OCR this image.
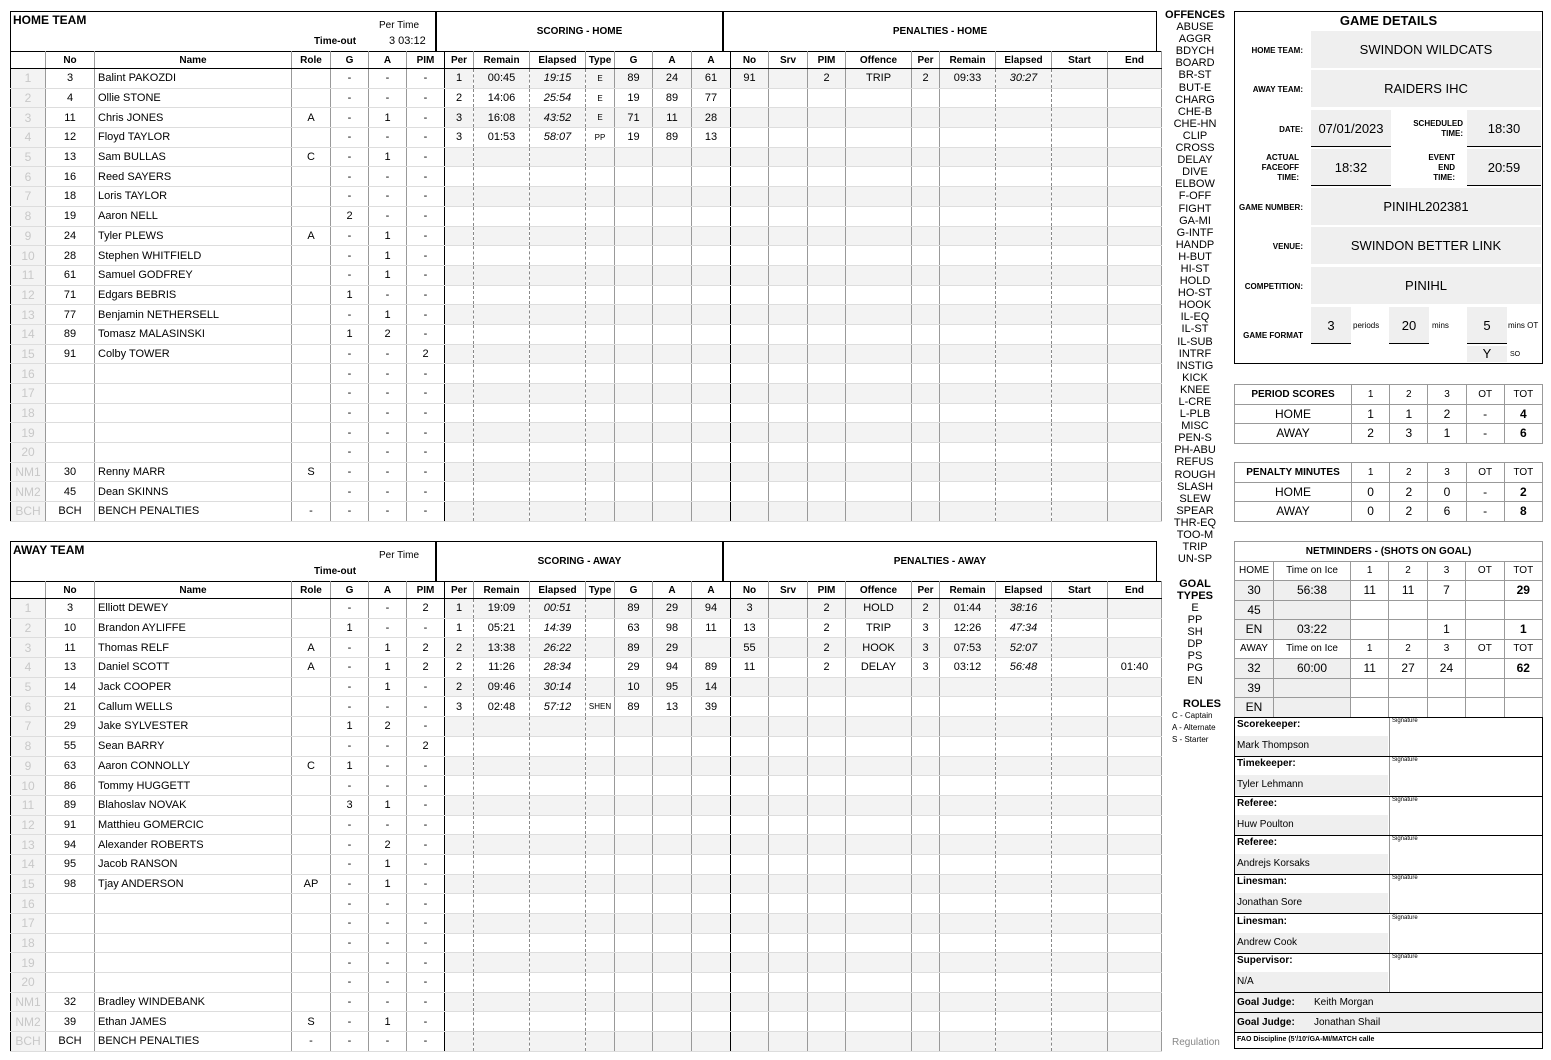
HOME TEAM	Per Time
Time-out	3 03:12
SCORING - HOME	PENALTIES - HOME
	No	Name	Role	G	A	PIM	Per	Remain	Elapsed	Type	G	A	A	No	Srv	PIM	Offence	Per	Remain	Elapsed	Start	End
1	3	Balint PAKOZDI		-	-	-	1	00:45	19:15	E	89	24	61	91		2	TRIP	2	09:33	30:27		
2	4	Ollie STONE		-	-	-	2	14:06	25:54	E	19	89	77									
3	11	Chris JONES	A	-	1	-	3	16:08	43:52	E	71	11	28									
4	12	Floyd TAYLOR		-	-	-	3	01:53	58:07	PP	19	89	13									
5	13	Sam BULLAS	C	-	1	-																
6	16	Reed SAYERS		-	-	-																
7	18	Loris TAYLOR		-	-	-																
8	19	Aaron NELL		2	-	-																
9	24	Tyler PLEWS	A	-	1	-																
10	28	Stephen WHITFIELD		-	1	-																
11	61	Samuel GODFREY		-	1	-																
12	71	Edgars BEBRIS		1	-	-																
13	77	Benjamin NETHERSELL		-	1	-																
14	89	Tomasz MALASINSKI		1	2	-																
15	91	Colby TOWER		-	-	2																
16				-	-	-																
17				-	-	-																
18				-	-	-																
19				-	-	-																
20				-	-	-																
NM1	30	Renny MARR	S	-	-	-																
NM2	45	Dean SKINNS		-	-	-																
BCH	BCH	BENCH PENALTIES	-	-	-	-																
AWAY TEAM	Per Time
Time-out
SCORING - AWAY	PENALTIES - AWAY
	No	Name	Role	G	A	PIM	Per	Remain	Elapsed	Type	G	A	A	No	Srv	PIM	Offence	Per	Remain	Elapsed	Start	End
1	3	Elliott DEWEY		-	-	2	1	19:09	00:51		89	29	94	3		2	HOLD	2	01:44	38:16		
2	10	Brandon AYLIFFE		1	-	-	1	05:21	14:39		63	98	11	13		2	TRIP	3	12:26	47:34		
3	11	Thomas RELF	A	-	1	2	2	13:38	26:22		89	29		55		2	HOOK	3	07:53	52:07		
4	13	Daniel SCOTT	A	-	1	2	2	11:26	28:34		29	94	89	11		2	DELAY	3	03:12	56:48		01:40
5	14	Jack COOPER		-	1	-	2	09:46	30:14		10	95	14									
6	21	Callum WELLS		-	-	-	3	02:48	57:12	SHEN	89	13	39									
7	29	Jake SYLVESTER		1	2	-																
8	55	Sean BARRY		-	-	2																
9	63	Aaron CONNOLLY	C	1	-	-																
10	86	Tommy HUGGETT		-	-	-																
11	89	Blahoslav NOVAK		3	1	-																
12	91	Matthieu GOMERCIC		-	-	-																
13	94	Alexander ROBERTS		-	2	-																
14	95	Jacob RANSON		-	1	-																
15	98	Tjay ANDERSON	AP	-	1	-																
16				-	-	-																
17				-	-	-																
18				-	-	-																
19				-	-	-																
20				-	-	-																
NM1	32	Bradley WINDEBANK		-	-	-																
NM2	39	Ethan JAMES	S	-	1	-																
BCH	BCH	BENCH PENALTIES	-	-	-	-																
OFFENCES
ABUSE
AGGR
BDYCH
BOARD
BR-ST
BUT-E
CHARG
CHE-B
CHE-HN
CLIP
CROSS
DELAY
DIVE
ELBOW
F-OFF
FIGHT
GA-MI
G-INTF
HANDP
H-BUT
HI-ST
HOLD
HO-ST
HOOK
IL-EQ
IL-ST
IL-SUB
INTRF
INSTIG
KICK
KNEE
L-CRE
L-PLB
MISC
PEN-S
PH-ABU
REFUS
ROUGH
SLASH
SLEW
SPEAR
THR-EQ
TOO-M
TRIP
UN-SP
GOAL TYPES
E
PP
SH
DP
PS
PG
EN
ROLES
C - Captain
A - Alternate
S - Starter
Regulation
GAME DETAILS
HOME TEAM:	SWINDON WILDCATS
AWAY TEAM:	RAIDERS IHC
DATE:	07/01/2023	SCHEDULED TIME:	18:30
ACTUAL FACEOFF TIME:
18:32
EVENT END TIME:
20:59
GAME NUMBER:	PINIHL202381
VENUE:	SWINDON BETTER LINK
COMPETITION:	PINIHL
GAME FORMAT
3	periods	20	mins	5	mins OT
Y	SO
PERIOD SCORES	1	2	3	OT	TOT
HOME	1	1	2	-	4
AWAY	2	3	1	-	6
PENALTY MINUTES	1	2	3	OT	TOT
HOME	0	2	0	-	2
AWAY	0	2	6	-	8
NETMINDERS - (SHOTS ON GOAL)						
HOME	Time on Ice	1	2	3	OT	TOT
30	56:38	11	11	7		29
45						
EN	03:22			1		1
AWAY	Time on Ice	1	2	3	OT	TOT
32	60:00	11	27	24		62
39						
EN						
Scorekeeper:
Mark Thompson
Signature
Timekeeper:
Tyler Lehmann
Signature
Referee:
Huw Poulton
Signature
Referee:
Andrejs Korsaks
Signature
Linesman:
Jonathan Sore
Signature
Linesman:
Andrew Cook
Signature
Supervisor:
N/A
Signature
Goal Judge: Keith Morgan
Goal Judge: Jonathan Shail
FAO Discipline (5'/10'/GA-MI/MATCH calle
